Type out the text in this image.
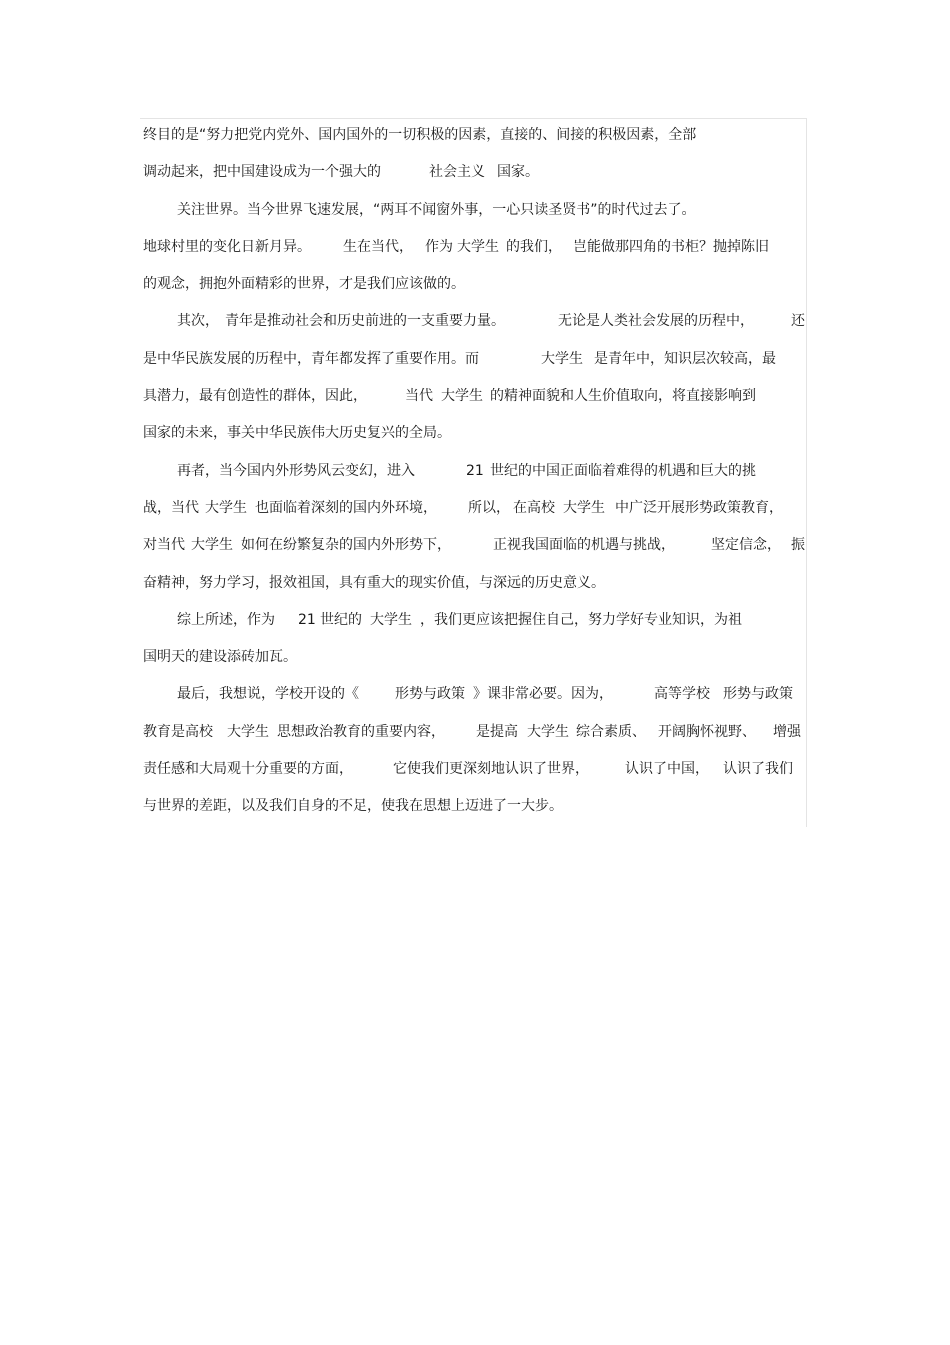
终目的是“努力把党内党外、国内国外的一切积极的因素，直接的、间接的积极因素，全部
调动起来，把中国建设成为一个强大的	社会主义 国家。
关注世界。当今世界飞速发展，“两耳不闻窗外事，一心只读圣贤书”的时代过去了。
地球村里的变化日新月异。 生在当代， 作为 大学生 的我们， 岂能做那四角的书柜？抛掉陈旧
的观念，拥抱外面精彩的世界，才是我们应该做的。
其次， 青年是推动社会和历史前进的一支重要力量。	无论是人类社会发展的历程中，	还
是中华民族发展的历程中，青年都发挥了重要作用。而	大学生 是青年中，知识层次较高，最
具潜力，最有创造性的群体，因此，	当代 大学生 的精神面貌和人生价值取向，将直接影响到
国家的未来，事关中华民族伟大历史复兴的全局。
再者，当今国内外形势风云变幻，进入	21 世纪的中国正面临着难得的机遇和巨大的挑
战，当代 大学生 也面临着深刻的国内外环境， 所以， 在高校 大学生 中广泛开展形势政策教育，
对当代 大学生 如何在纷繁复杂的国内外形势下，	正视我国面临的机遇与挑战，	坚定信念， 振
奋精神，努力学习，报效祖国，具有重大的现实价值，与深远的历史意义。
综上所述，作为 21 世纪的 大学生 ，我们更应该把握住自己，努力学好专业知识，为祖
国明天的建设添砖加瓦。
最后，我想说，学校开设的《	形势与政策 》课非常必要。因为，	高等学校 形势与政策
教育是高校 大学生 思想政治教育的重要内容， 是提高 大学生 综合素质、 开阔胸怀视野、 增强
责任感和大局观十分重要的方面，	它使我们更深刻地认识了世界，	认识了中国， 认识了我们
与世界的差距，以及我们自身的不足，使我在思想上迈进了一大步。
